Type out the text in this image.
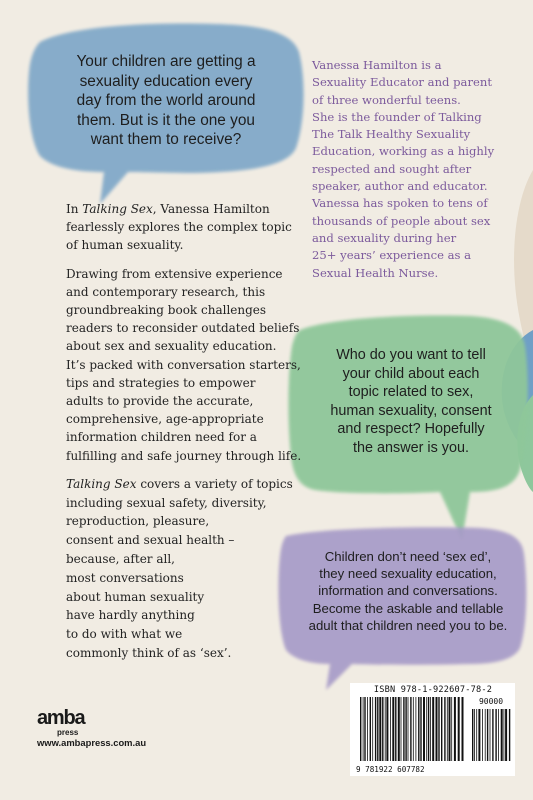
Your children are getting a

sexuality education every

day from the world around

them. But is it the one you

want them to receive?

Vanessa Hamilton is a

Sexuality Educator and parent

of three wonderful teens.

She is the founder of Talking

The Talk Healthy Sexuality

Education, working as a highly

respected and sought after

speaker, author and educator.

Vanessa has spoken to tens of

thousands of people about sex

and sexuality during her

25+ years’ experience as a

Sexual Health Nurse.

In Talking Sex, Vanessa Hamilton
fearlessly explores the complex topic
of human sexuality.

Drawing from extensive experience
and contemporary research, this
groundbreaking book challenges
readers to reconsider outdated beliefs
about sex and sexuality education.
It’s packed with conversation starters,
tips and strategies to empower
adults to provide the accurate,
comprehensive, age-appropriate
information children need for a
fulfilling and safe journey through life.

Talking Sex covers a variety of topics
including sexual safety, diversity,
reproduction, pleasure,
consent and sexual health –
because, after all,
most conversations
about human sexuality
have hardly anything
to do with what we
commonly think of as ‘sex’.

Who do you want to tell

your child about each

topic related to sex,

human sexuality, consent

and respect? Hopefully

the answer is you.

Children don’t need ‘sex ed’,

they need sexuality education,

information and conversations.

Become the askable and tellable

adult that children need you to be.

amba
press
www.ambapress.com.au
ISBN 978-1-922607-78-2
90000
9 781922 607782
